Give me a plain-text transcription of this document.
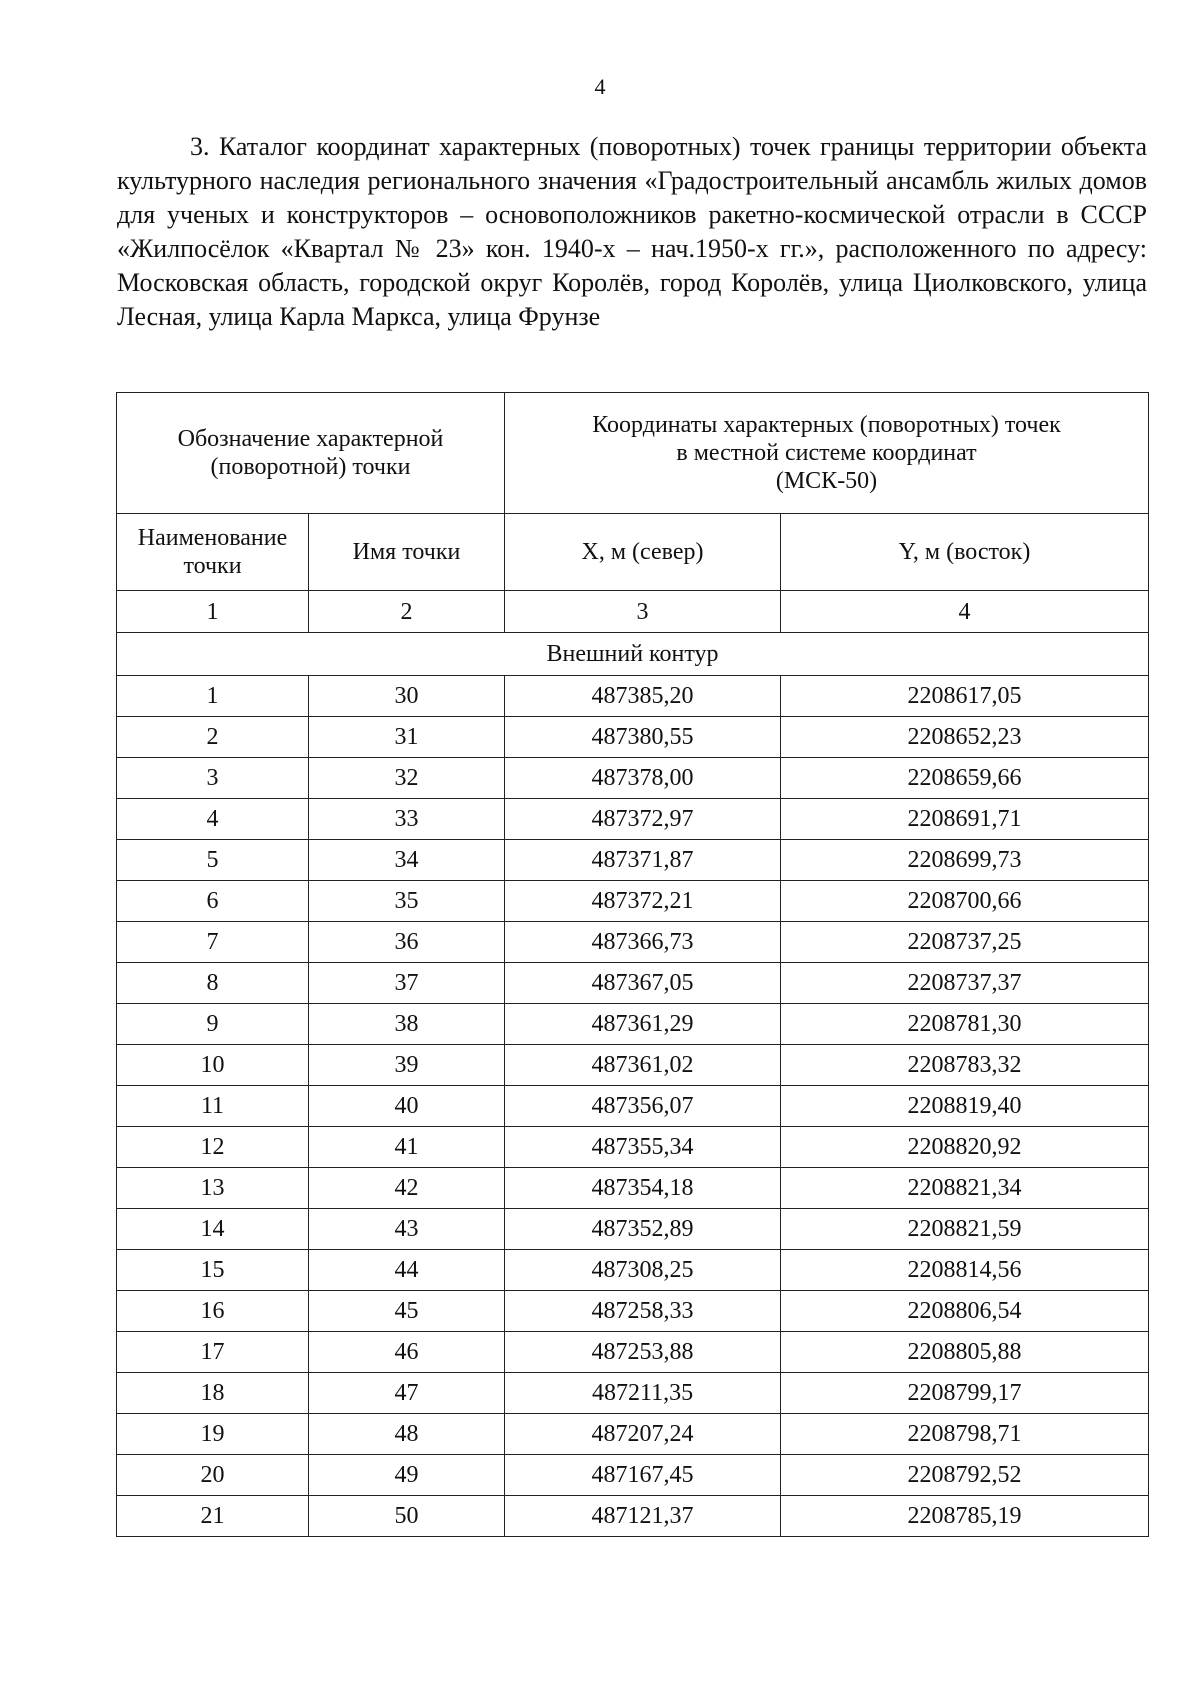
4

3. Каталог координат характерных (поворотных) точек границы территории объекта культурного наследия регионального значения «Градостроительный ансамбль жилых домов для ученых и конструкторов – основоположников ракетно-космической отрасли в СССР «Жилпосёлок «Квартал № 23» кон. 1940-х – нач.1950-х гг.», расположенного по адресу: Московская область, городской округ Королёв, город Королёв, улица Циолковского, улица Лесная, улица Карла Маркса, улица Фрунзе

Обозначение характерной (поворотной) точки		Координаты характерных (поворотных) точек
в местной системе координат
(МСК-50)	

Наименование
точки	Имя точки	X, м (север)	Y, м (восток)
1	2	3	4
Внешний контур			
1	30	487385,20	2208617,05
2	31	487380,55	2208652,23
3	32	487378,00	2208659,66
4	33	487372,97	2208691,71
5	34	487371,87	2208699,73
6	35	487372,21	2208700,66
7	36	487366,73	2208737,25
8	37	487367,05	2208737,37
9	38	487361,29	2208781,30
10	39	487361,02	2208783,32
11	40	487356,07	2208819,40
12	41	487355,34	2208820,92
13	42	487354,18	2208821,34
14	43	487352,89	2208821,59
15	44	487308,25	2208814,56
16	45	487258,33	2208806,54
17	46	487253,88	2208805,88
18	47	487211,35	2208799,17
19	48	487207,24	2208798,71
20	49	487167,45	2208792,52
21	50	487121,37	2208785,19
